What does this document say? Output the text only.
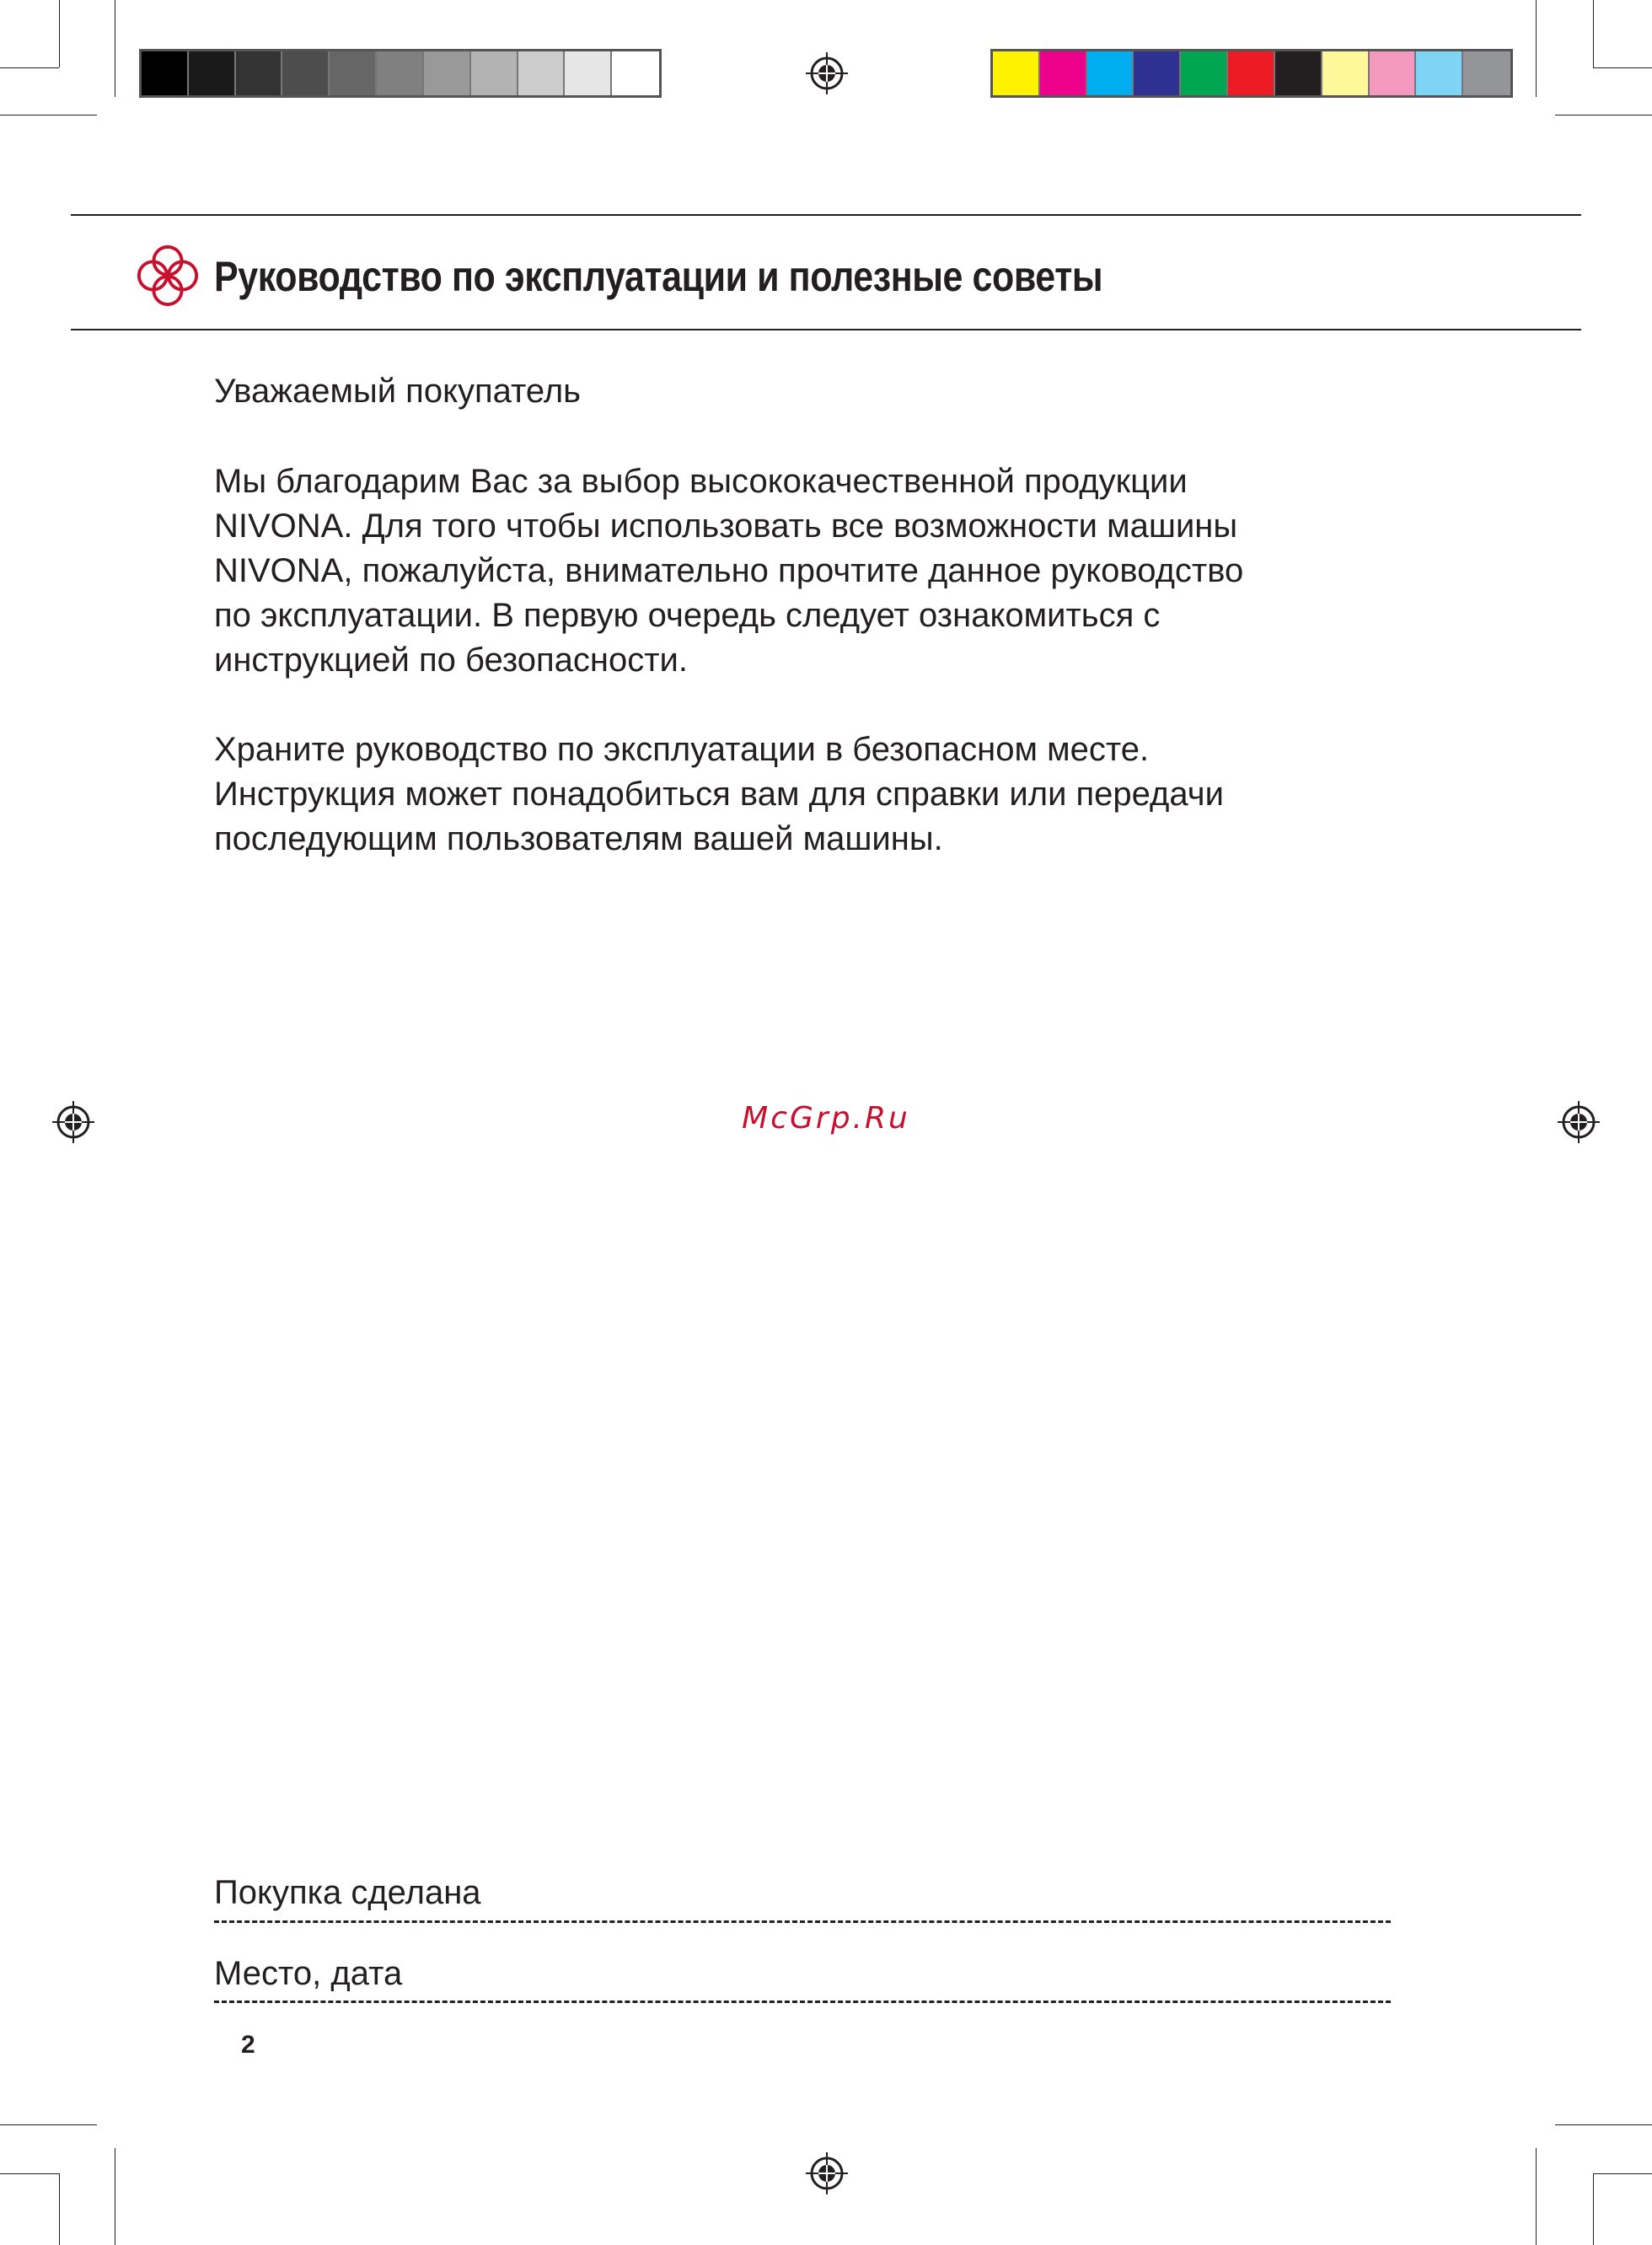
Руководство по эксплуатации и полезные советы
Уважаемый покупатель
Мы благодарим Вас за выбор высококачественной продукции
NIVONA. Для того чтобы использовать все возможности машины
NIVONA, пожалуйста, внимательно прочтите данное руководство
по эксплуатации. В первую очередь следует ознакомиться с
инструкцией по безопасности.
Храните руководство по эксплуатации в безопасном месте.
Инструкция может понадобиться вам для справки или передачи
последующим пользователям вашей машины.
McGrp.Ru
Покупка сделана
Место, дата
2
